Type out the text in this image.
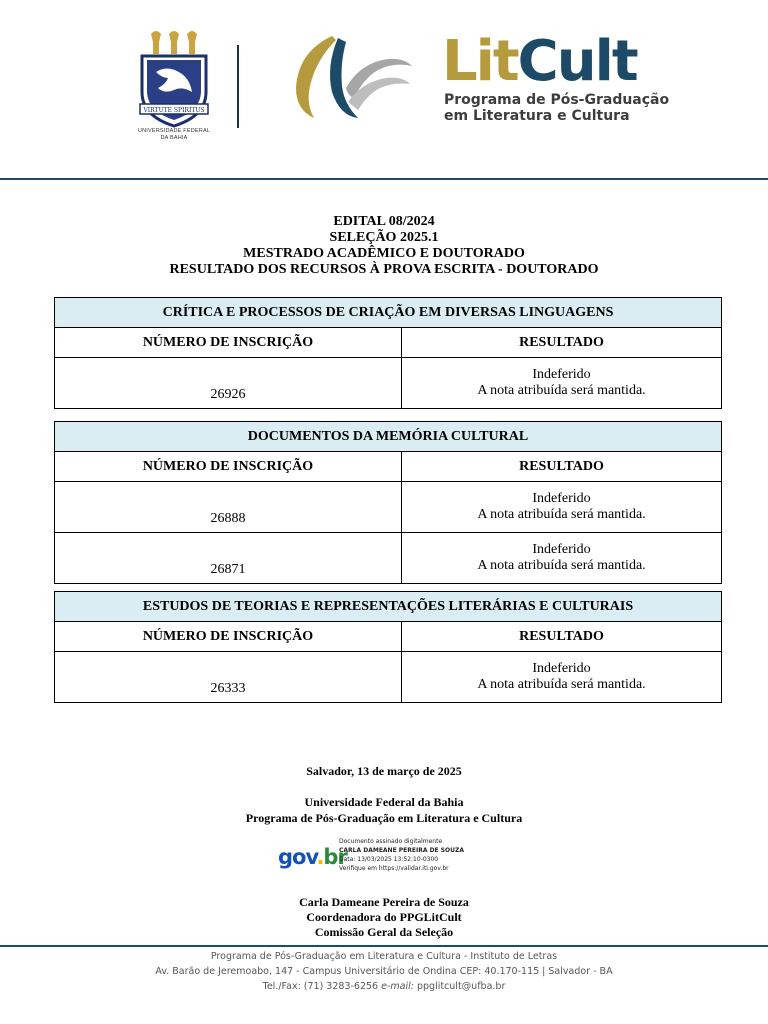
VIRTUTE SPIRITUS
UNIVERSIDADE FEDERAL
DA BAHIA
LitCult
Programa de Pós-Graduação
em Literatura e Cultura
EDITAL 08/2024
SELEÇÃO 2025.1
MESTRADO ACADÊMICO E DOUTORADO
RESULTADO DOS RECURSOS À PROVA ESCRITA - DOUTORADO
CRÍTICA E PROCESSOS DE CRIAÇÃO EM DIVERSAS LINGUAGENS	
NÚMERO DE INSCRIÇÃO	RESULTADO
26926	Indeferido
A nota atribuída será mantida.
DOCUMENTOS DA MEMÓRIA CULTURAL	
NÚMERO DE INSCRIÇÃO	RESULTADO
26888	Indeferido
A nota atribuída será mantida.

26871	Indeferido
A nota atribuída será mantida.
ESTUDOS DE TEORIAS E REPRESENTAÇÕES LITERÁRIAS E CULTURAIS	
NÚMERO DE INSCRIÇÃO	RESULTADO
26333	Indeferido
A nota atribuída será mantida.
Salvador, 13 de março de 2025
Universidade Federal da Bahia
Programa de Pós-Graduação em Literatura e Cultura
gov.br
Documento assinado digitalmente
CARLA DAMEANE PEREIRA DE SOUZA
Data: 13/03/2025 13:52:10-0300
Verifique em https://validar.iti.gov.br
Carla Dameane Pereira de Souza
Coordenadora do PPGLitCult
Comissão Geral da Seleção
Programa de Pós-Graduação em Literatura e Cultura - Instituto de Letras
Av. Barão de Jeremoabo, 147 - Campus Universitário de Ondina CEP: 40.170-115 | Salvador - BA
Tel./Fax: (71) 3283-6256 e-mail: ppglitcult@ufba.br
